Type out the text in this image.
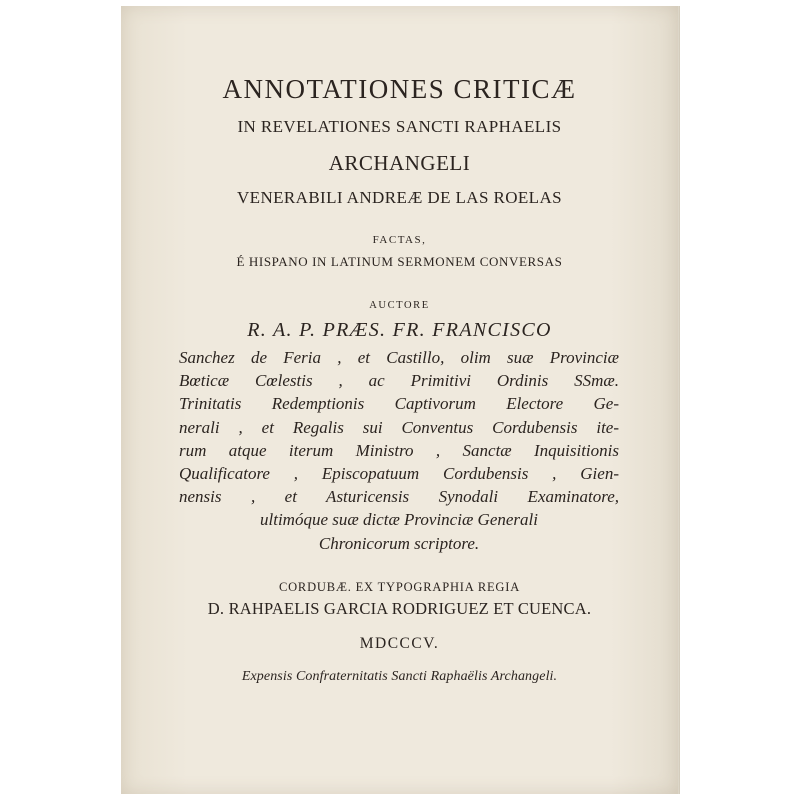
ANNOTATIONES CRITICÆ
IN REVELATIONES SANCTI RAPHAELIS
ARCHANGELI
VENERABILI ANDREÆ DE LAS ROELAS
FACTAS,
É HISPANO IN LATINUM SERMONEM CONVERSAS
AUCTORE
R. A. P. PRÆS. FR. FRANCISCO

Sanchez de Feria , et Castillo, olim suæ Provinciæ
Bœticæ Cœlestis , ac Primitivi Ordinis SSmæ.
Trinitatis Redemptionis Captivorum Electore Ge-
nerali , et Regalis sui Conventus Cordubensis ite-
rum atque iterum Ministro , Sanctæ Inquisitionis
Qualificatore , Episcopatuum Cordubensis , Gien-
nensis , et Asturicensis Synodali Examinatore,
ultimóque suæ dictæ Provinciæ Generali
Chronicorum scriptore.

CORDUBÆ. EX TYPOGRAPHIA REGIA
D. RAHPAELIS GARCIA RODRIGUEZ ET CUENCA.
MDCCCV.
Expensis Confraternitatis Sancti Raphaëlis Archangeli.
